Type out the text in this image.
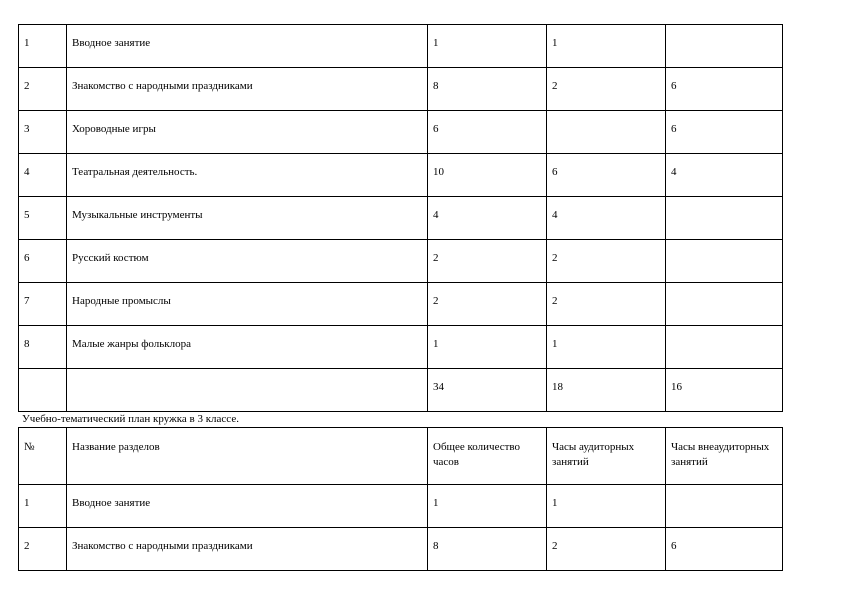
1	Вводное занятие	1	1	
2	Знакомство с народными праздниками	8	2	6
3	Хороводные игры	6		6
4	Театральная деятельность.	10	6	4
5	Музыкальные инструменты	4	4	
6	Русский костюм	2	2	
7	Народные промыслы	2	2	
8	Малые жанры фольклора	1	1	
		34	18	16
Учебно-тематический план кружка в 3 классе.
№	Название разделов	Общее количество часов	Часы аудиторных занятий	Часы внеаудиторных занятий
1	Вводное занятие	1	1	
2	Знакомство с народными праздниками	8	2	6
